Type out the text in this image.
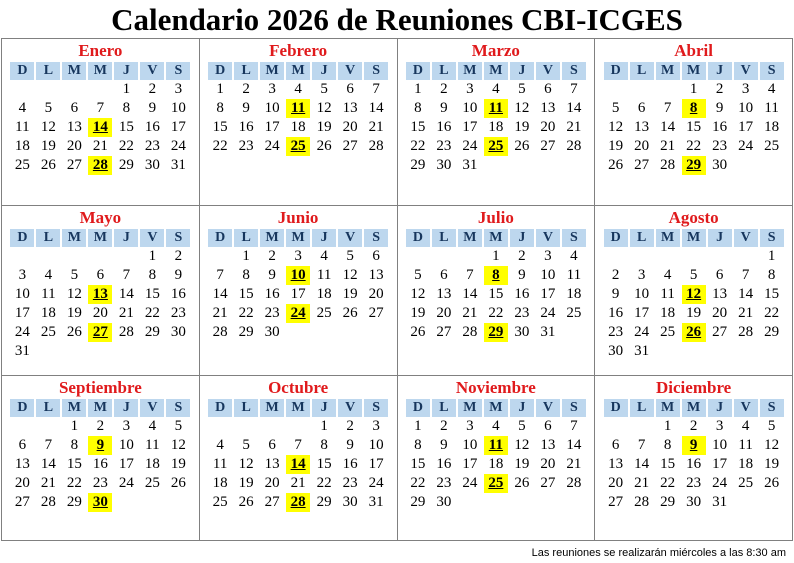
Calendario 2026 de Reuniones CBI-ICGES
Enero
D	L	M	M	J	V	S
				1	2	3
4	5	6	7	8	9	10
11	12	13	14	15	16	17
18	19	20	21	22	23	24
25	26	27	28	29	30	31
Febrero
D	L	M	M	J	V	S
1	2	3	4	5	6	7
8	9	10	11	12	13	14
15	16	17	18	19	20	21
22	23	24	25	26	27	28
Marzo
D	L	M	M	J	V	S
1	2	3	4	5	6	7
8	9	10	11	12	13	14
15	16	17	18	19	20	21
22	23	24	25	26	27	28
29	30	31				
Abril
D	L	M	M	J	V	S
			1	2	3	4
5	6	7	8	9	10	11
12	13	14	15	16	17	18
19	20	21	22	23	24	25
26	27	28	29	30		
Mayo
D	L	M	M	J	V	S
					1	2
3	4	5	6	7	8	9
10	11	12	13	14	15	16
17	18	19	20	21	22	23
24	25	26	27	28	29	30
31						
Junio
D	L	M	M	J	V	S
	1	2	3	4	5	6
7	8	9	10	11	12	13
14	15	16	17	18	19	20
21	22	23	24	25	26	27
28	29	30				
Julio
D	L	M	M	J	V	S
			1	2	3	4
5	6	7	8	9	10	11
12	13	14	15	16	17	18
19	20	21	22	23	24	25
26	27	28	29	30	31	
Agosto
D	L	M	M	J	V	S
						1
2	3	4	5	6	7	8
9	10	11	12	13	14	15
16	17	18	19	20	21	22
23	24	25	26	27	28	29
30	31					
Septiembre
D	L	M	M	J	V	S
		1	2	3	4	5
6	7	8	9	10	11	12
13	14	15	16	17	18	19
20	21	22	23	24	25	26
27	28	29	30			
Octubre
D	L	M	M	J	V	S
				1	2	3
4	5	6	7	8	9	10
11	12	13	14	15	16	17
18	19	20	21	22	23	24
25	26	27	28	29	30	31
Noviembre
D	L	M	M	J	V	S
1	2	3	4	5	6	7
8	9	10	11	12	13	14
15	16	17	18	19	20	21
22	23	24	25	26	27	28
29	30					
Diciembre
D	L	M	M	J	V	S
		1	2	3	4	5
6	7	8	9	10	11	12
13	14	15	16	17	18	19
20	21	22	23	24	25	26
27	28	29	30	31		
Las reuniones se realizarán miércoles a las 8:30 am
